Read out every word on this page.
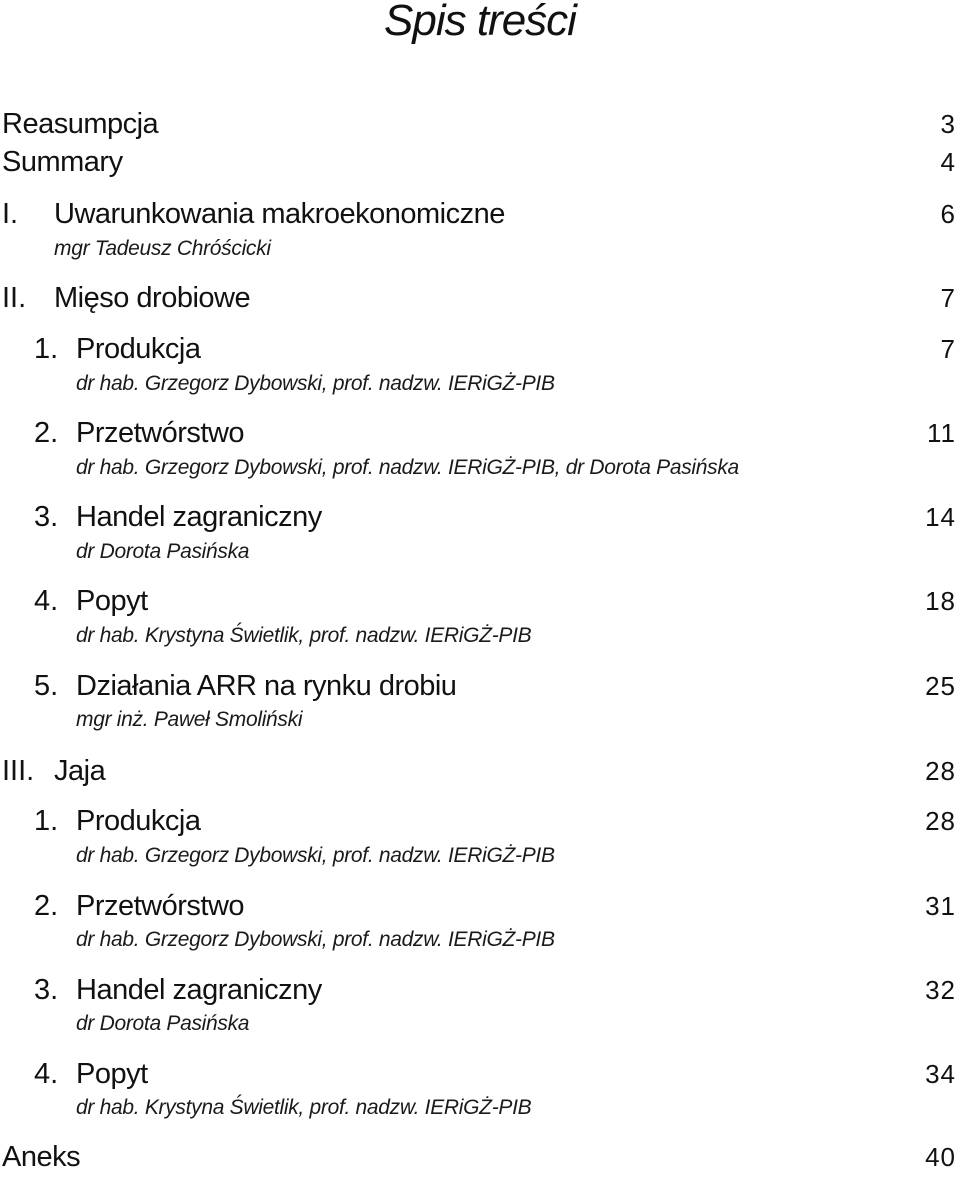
Spis treści
Reasumpcja	3
Summary	4
I. Uwarunkowania makroekonomiczne	6
mgr Tadeusz Chróścicki
II. Mięso drobiowe	7
1. Produkcja	7
dr hab. Grzegorz Dybowski, prof. nadzw. IERiGŻ-PIB
2. Przetwórstwo	11
dr hab. Grzegorz Dybowski, prof. nadzw. IERiGŻ-PIB, dr Dorota Pasińska
3. Handel zagraniczny	14
dr Dorota Pasińska
4. Popyt	18
dr hab. Krystyna Świetlik, prof. nadzw. IERiGŻ-PIB
5. Działania ARR na rynku drobiu	25
mgr inż. Paweł Smoliński
III. Jaja	28
1. Produkcja	28
dr hab. Grzegorz Dybowski, prof. nadzw. IERiGŻ-PIB
2. Przetwórstwo	31
dr hab. Grzegorz Dybowski, prof. nadzw. IERiGŻ-PIB
3. Handel zagraniczny	32
dr Dorota Pasińska
4. Popyt	34
dr hab. Krystyna Świetlik, prof. nadzw. IERiGŻ-PIB
Aneks	40
